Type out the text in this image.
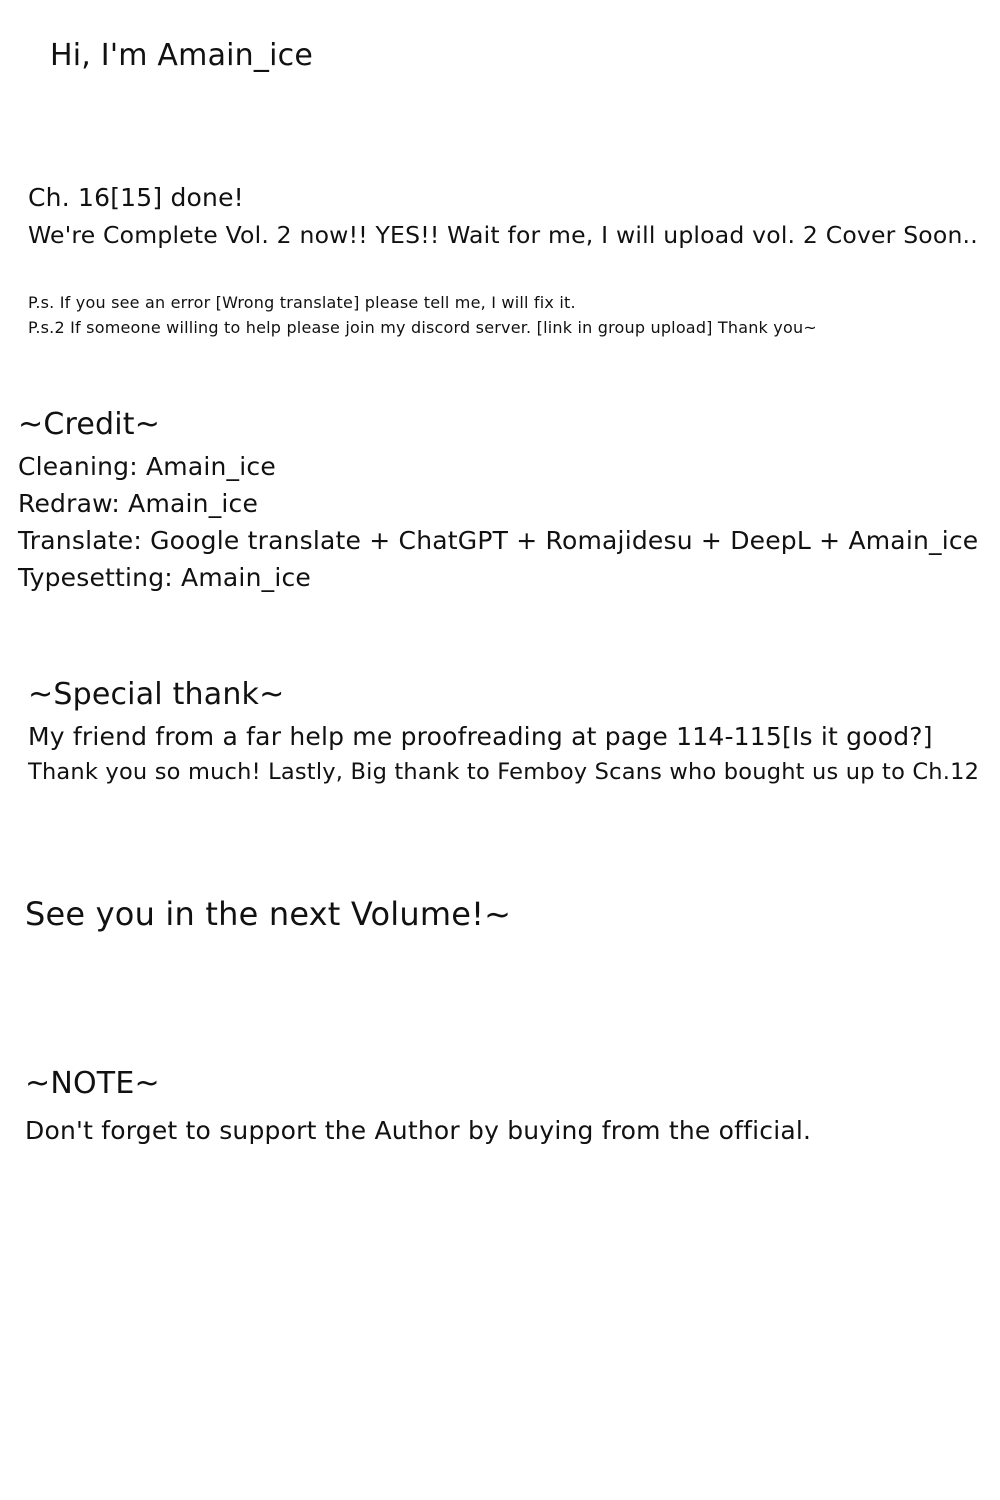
Hi, I'm Amain_ice

Ch. 16[15] done!

We're Complete Vol. 2 now!! YES!! Wait for me, I will upload vol. 2 Cover Soon..

P.s. If you see an error [Wrong translate] please tell me, I will fix it.

P.s.2 If someone willing to help please join my discord server. [link in group upload] Thank you~

~Credit~

Cleaning: Amain_ice

Redraw: Amain_ice

Translate: Google translate + ChatGPT + Romajidesu + DeepL + Amain_ice

Typesetting: Amain_ice

~Special thank~

My friend from a far help me proofreading at page 114-115[Is it good?]

Thank you so much! Lastly, Big thank to Femboy Scans who bought us up to Ch.12

See you in the next Volume!~

~NOTE~

Don't forget to support the Author by buying from the official.
